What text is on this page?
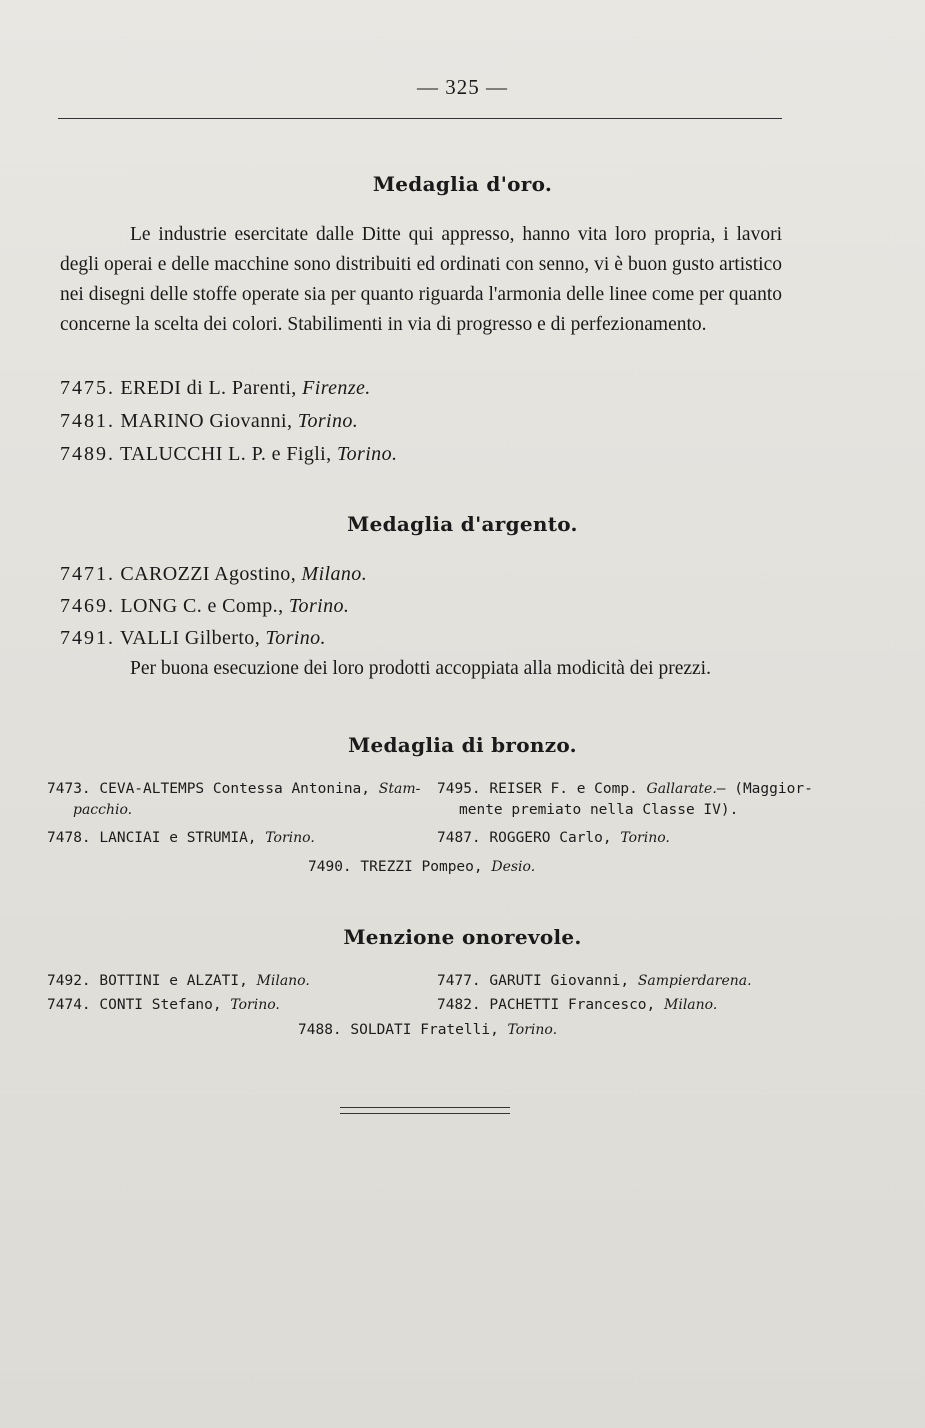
— 325 —
Medaglia d'oro.
Le industrie esercitate dalle Ditte qui appresso, hanno vita loro propria, i lavori degli operai e delle macchine sono distribuiti ed ordinati con senno, vi è buon gusto artistico nei disegni delle stoffe operate sia per quanto riguarda l'armonia delle linee come per quanto concerne la scelta dei colori. Stabilimenti in via di progresso e di perfezionamento.
7475. EREDI di L. Parenti, Firenze.
7481. MARINO Giovanni, Torino.
7489. TALUCCHI L. P. e Figli, Torino.
Medaglia d'argento.
7471. CAROZZI Agostino, Milano.
7469. LONG C. e Comp., Torino.
7491. VALLI Gilberto, Torino.
Per buona esecuzione dei loro prodotti accoppiata alla modicità dei prezzi.
Medaglia di bronzo.
7473. CEVA-ALTEMPS Contessa Antonina, Stam-
pacchio.
7478. LANCIAI e STRUMIA, Torino.
7495. REISER F. e Comp. Gallarate.— (Maggior-
mente premiato nella Classe IV).
7487. ROGGERO Carlo, Torino.
7490. TREZZI Pompeo, Desio.
Menzione onorevole.
7492. BOTTINI e ALZATI, Milano.
7474. CONTI Stefano, Torino.
7477. GARUTI Giovanni, Sampierdarena.
7482. PACHETTI Francesco, Milano.
7488. SOLDATI Fratelli, Torino.
